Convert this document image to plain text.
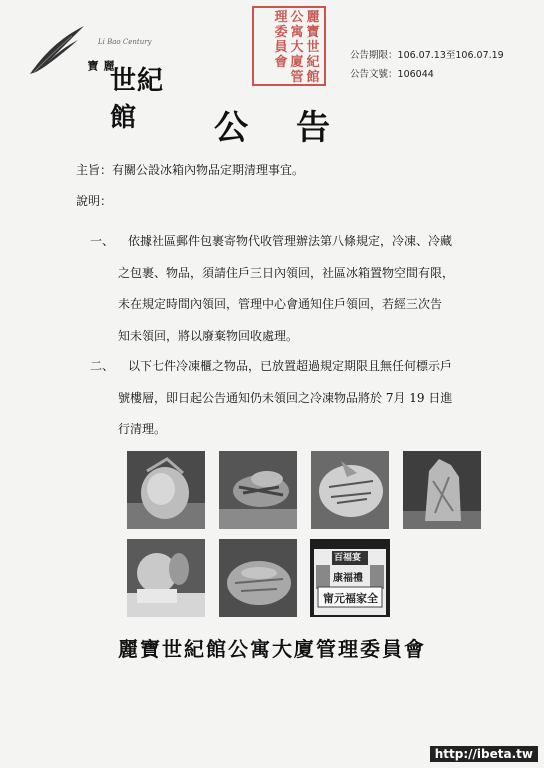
Li Bao Century
麗寶
世紀館
麗
寶
世
紀
館
公
寓
大
廈
管
理
委
員
會	公告期限：106.07.13至106.07.19
公告文號：106044
公告
主旨：有關公設冰箱內物品定期清理事宜。
說明：
一、	依據社區郵件包裹寄物代收管理辦法第八條規定，冷凍、冷藏
之包裹、物品，須請住戶三日內領回，社區冰箱置物空間有限，
未在規定時間內領回，管理中心會通知住戶領回，若經三次告
知未領回，將以廢棄物回收處理。
二、	以下七件冷凍櫃之物品，已放置超過規定期限且無任何標示戶
號樓層，即日起公告通知仍未領回之冷凍物品將於 7月 19 日進
行清理。
百福宴
康福禮
甯元福家全
麗寶世紀館公寓大廈管理委員會
http://ibeta.tw
